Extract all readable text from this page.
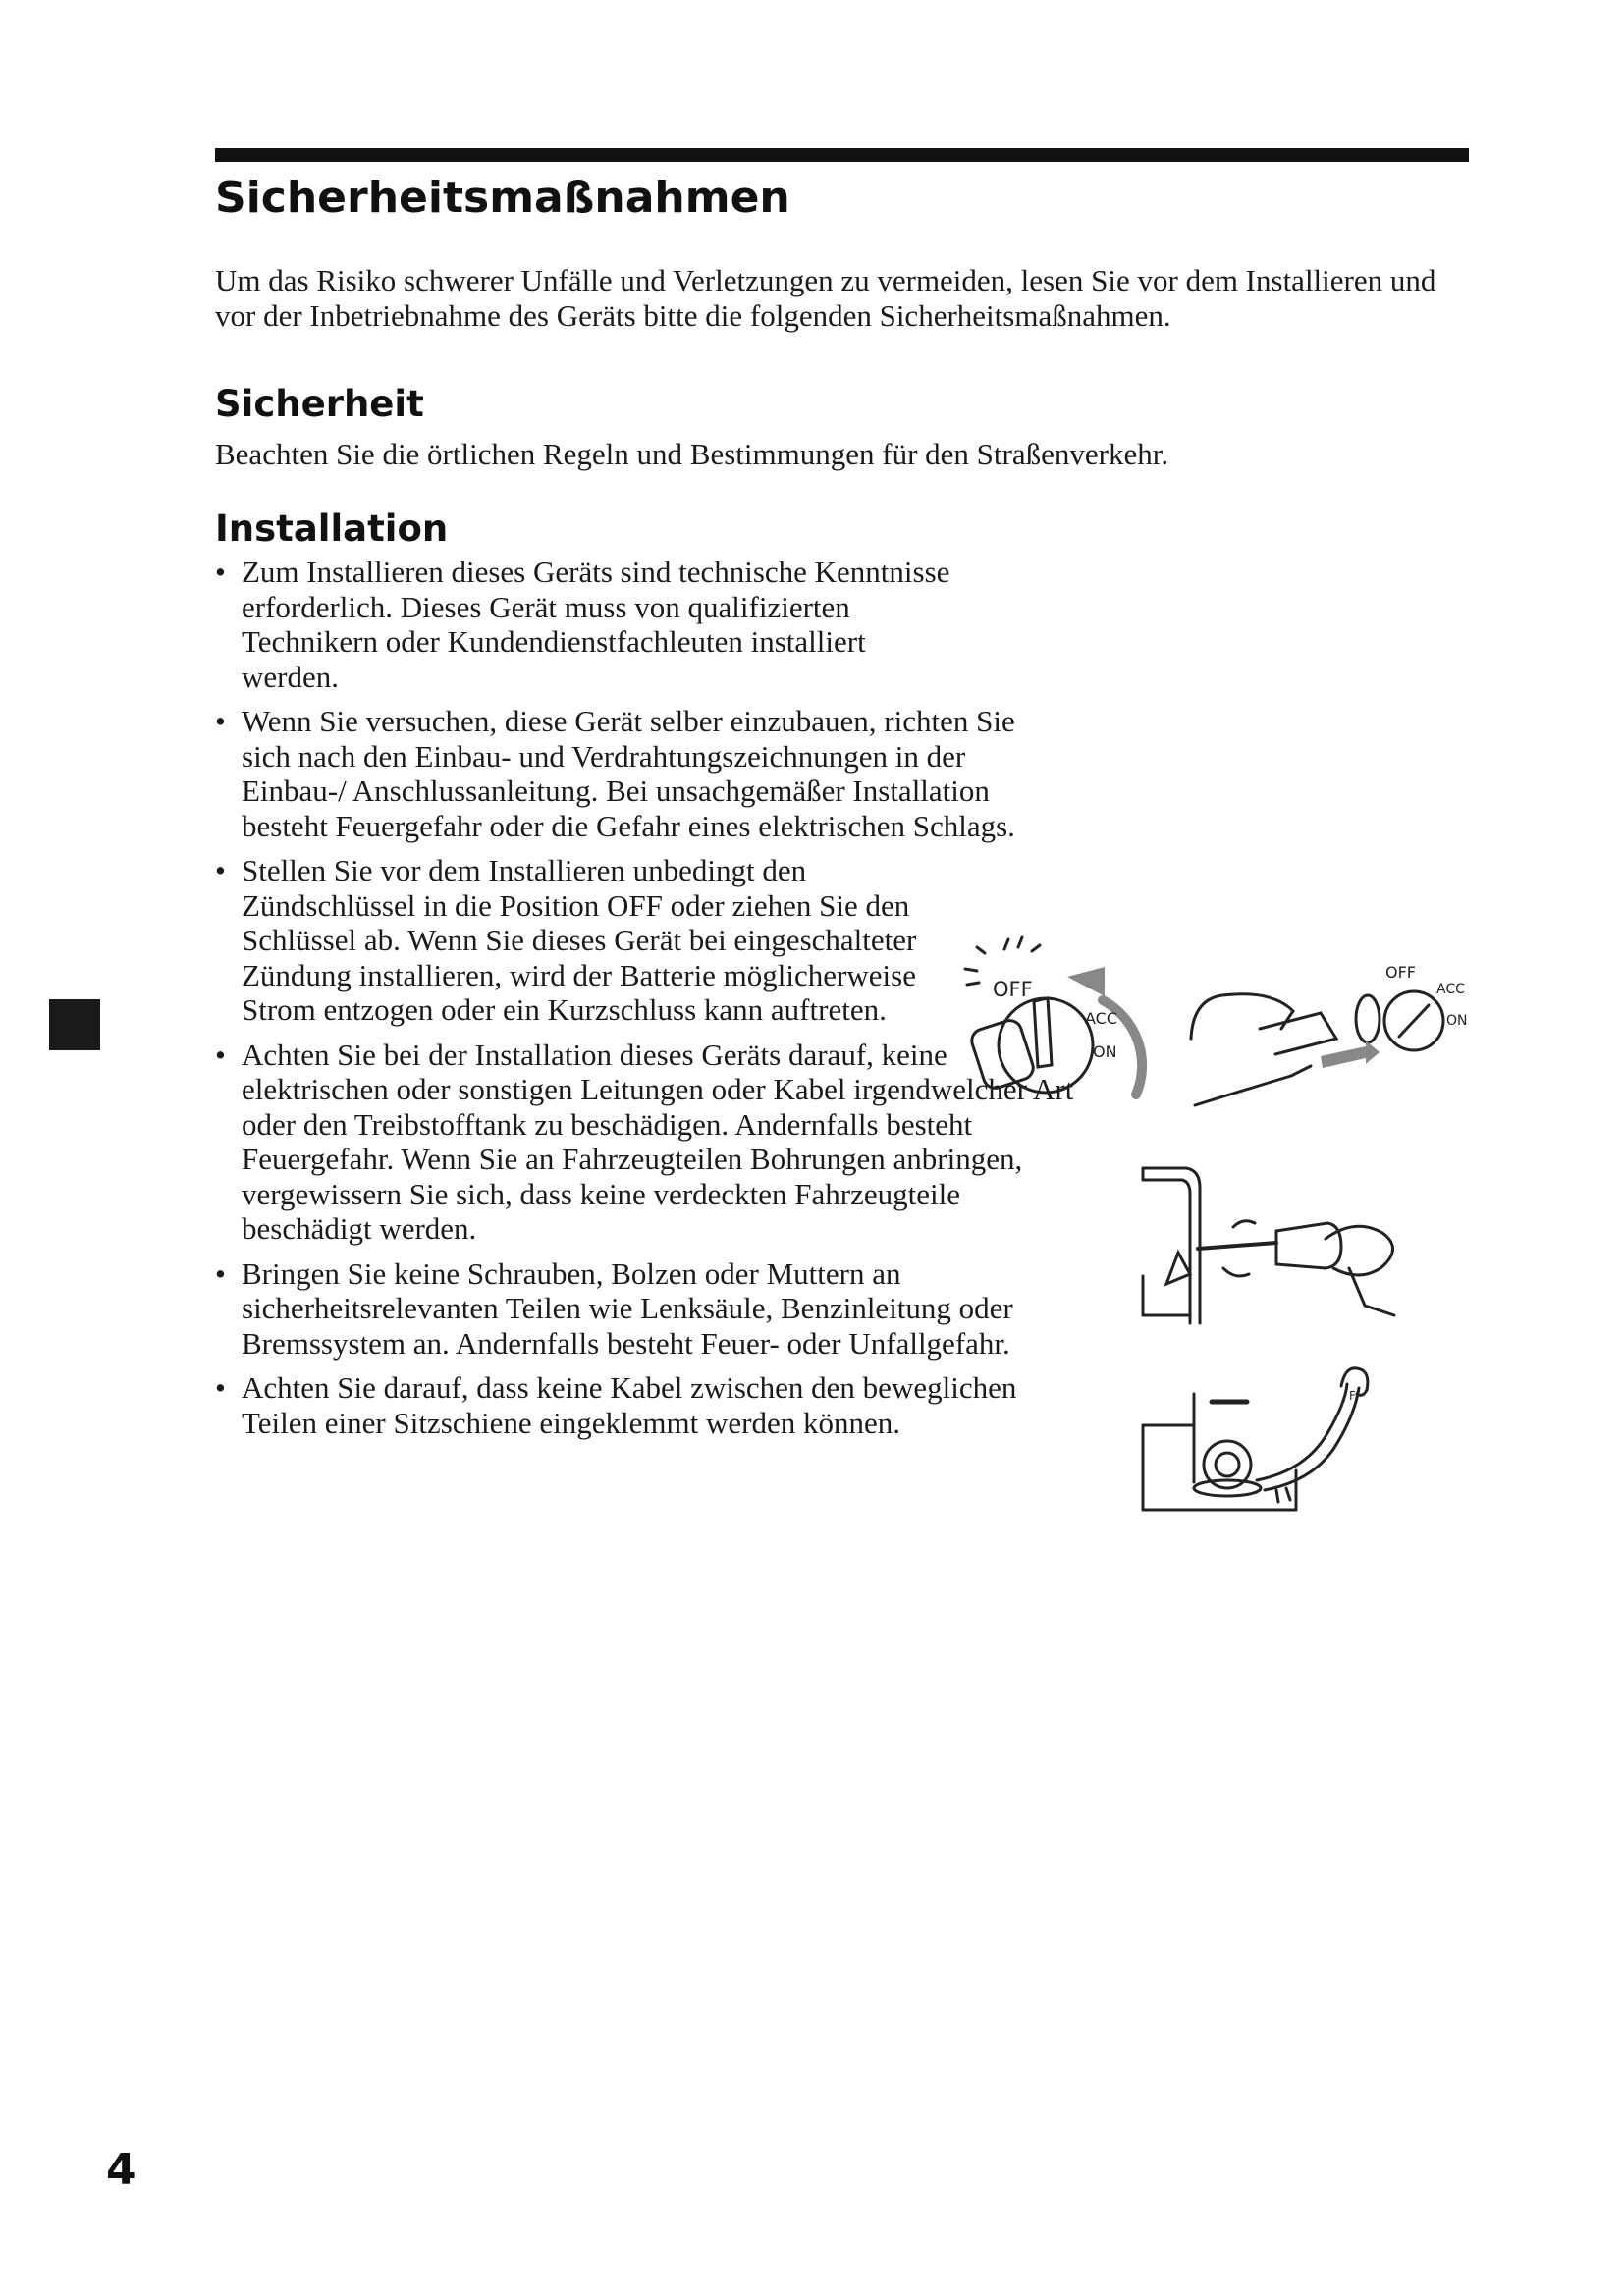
Sicherheitsmaßnahmen

Um das Risiko schwerer Unfälle und Verletzungen zu vermeiden, lesen Sie vor dem Installieren und vor der Inbetriebnahme des Geräts bitte die folgenden Sicherheitsmaßnahmen.

Sicherheit

Beachten Sie die örtlichen Regeln und Bestimmungen für den Straßenverkehr.

Installation
• Zum Installieren dieses Geräts sind technische Kenntnisse erforderlich. Dieses Gerät muss von qualifizierten Technikern oder Kundendienstfachleuten installiert werden.
• Wenn Sie versuchen, diese Gerät selber einzubauen, richten Sie sich nach den Einbau- und Verdrahtungszeichnungen in der Einbau-/ Anschlussanleitung. Bei unsachgemäßer Installation besteht Feuergefahr oder die Gefahr eines elektrischen Schlags.
• Stellen Sie vor dem Installieren unbedingt den Zündschlüssel in die Position OFF oder ziehen Sie den Schlüssel ab. Wenn Sie dieses Gerät bei eingeschalteter Zündung installieren, wird der Batterie möglicherweise Strom entzogen oder ein Kurzschluss kann auftreten.
• Achten Sie bei der Installation dieses Geräts darauf, keine elektrischen oder sonstigen Leitungen oder Kabel irgendwelcher Art oder den Treibstofftank zu beschädigen. Andernfalls besteht Feuergefahr. Wenn Sie an Fahrzeugteilen Bohrungen anbringen, vergewissern Sie sich, dass keine verdeckten Fahrzeugteile beschädigt werden.
• Bringen Sie keine Schrauben, Bolzen oder Muttern an sicherheitsrelevanten Teilen wie Lenksäule, Benzinleitung oder Bremssystem an. Andernfalls besteht Feuer- oder Unfallgefahr.
• Achten Sie darauf, dass keine Kabel zwischen den beweglichen Teilen einer Sitzschiene eingeklemmt werden können.
OFF
ACC
ON
OFF
ACC
ON
F

4
